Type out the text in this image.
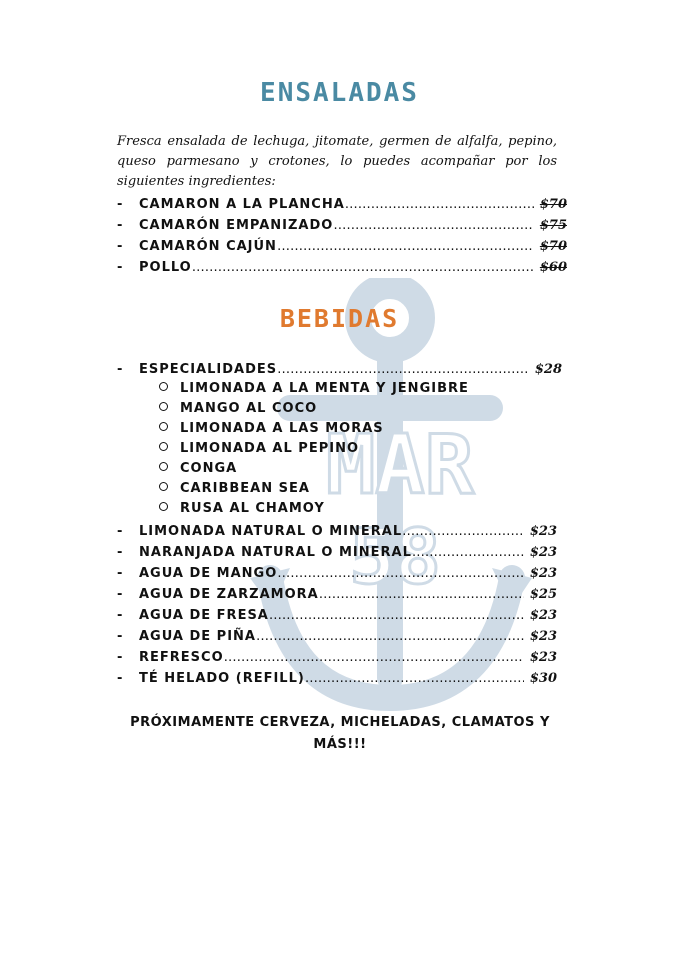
MAR
58
ENSALADAS
Fresca ensalada de lechuga, jitomate, germen de alfalfa, pepino, queso parmesano y crotones, lo puedes acompañar por los siguientes ingredientes:
-	CAMARON A LA PLANCHA …………………………………………………………………………………………………………………………	$70
-	CAMARÓN EMPANIZADO …………………………………………………………………………………………………………………………	$75
-	CAMARÓN CAJÚN …………………………………………………………………………………………………………………………	$70
-	POLLO …………………………………………………………………………………………………………………………	$60
BEBIDAS
-	ESPECIALIDADES …………………………………………………………………………………………………………………………	$28
LIMONADA A LA MENTA Y JENGIBRE
MANGO AL COCO
LIMONADA A LAS MORAS
LIMONADA AL PEPINO
CONGA
CARIBBEAN SEA
RUSA AL CHAMOY
-	LIMONADA NATURAL O MINERAL …………………………………………………………………………………………………………………………	$23
-	NARANJADA NATURAL O MINERAL …………………………………………………………………………………………………………………………	$23
-	AGUA DE MANGO …………………………………………………………………………………………………………………………	$23
-	AGUA DE ZARZAMORA …………………………………………………………………………………………………………………………	$25
-	AGUA DE FRESA …………………………………………………………………………………………………………………………	$23
-	AGUA DE PIÑA …………………………………………………………………………………………………………………………	$23
-	REFRESCO …………………………………………………………………………………………………………………………	$23
-	TÉ HELADO (REFILL) …………………………………………………………………………………………………………………………	$30
PRÓXIMAMENTE CERVEZA, MICHELADAS, CLAMATOS Y MÁS!!!
